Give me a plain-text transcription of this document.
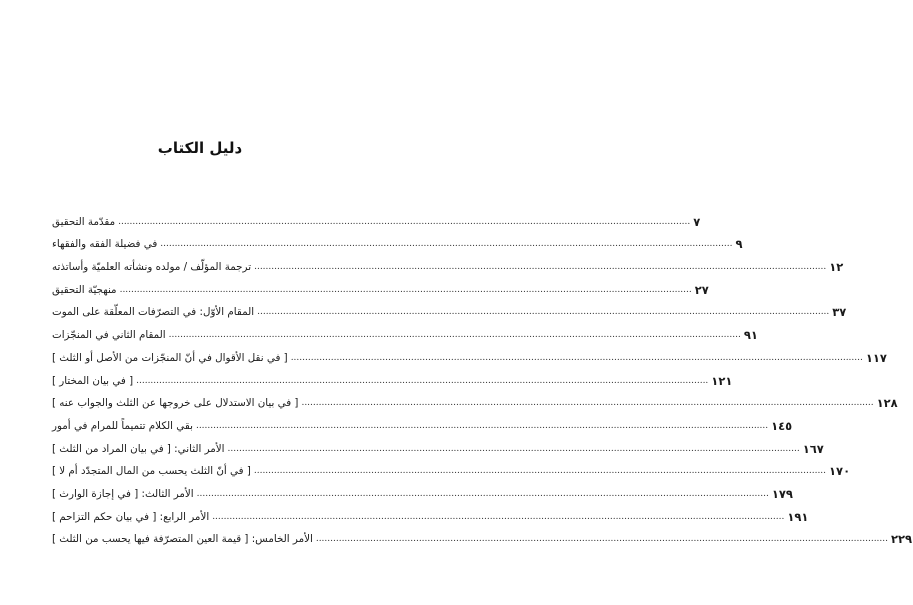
دليل الكتاب
مقدّمة التحقيق ........................................................................................................................................................................................................ ٧
في فضيلة الفقه والفقهاء ........................................................................................................................................................................................................ ٩
ترجمة المؤلّف / مولده ونشأته العلميّة وأساتذته ........................................................................................................................................................................................................ ١٢
منهجيّة التحقيق ........................................................................................................................................................................................................ ٢٧
المقام الأوّل: في التصرّفات المعلّقة على الموت ........................................................................................................................................................................................................ ٣٧
المقام الثاني في المنجّزات ........................................................................................................................................................................................................ ٩١
[ في نقل الأقوال في أنّ المنجّزات من الأصل أو الثلث ] ........................................................................................................................................................................................................ ١١٧
[ في بيان المختار ] ........................................................................................................................................................................................................ ١٢١
[ في بيان الاستدلال على خروجها عن الثلث والجواب عنه ] ........................................................................................................................................................................................................ ١٢٨
بقي الكلام تتميماً للمرام في أمور ........................................................................................................................................................................................................ ١٤٥
الأمر الثاني: [ في بيان المراد من الثلث ] ........................................................................................................................................................................................................ ١٦٧
[ في أنّ الثلث يحسب من المال المتجدّد أم لا ] ........................................................................................................................................................................................................ ١٧٠
الأمر الثالث: [ في إجازة الوارث ] ........................................................................................................................................................................................................ ١٧٩
الأمر الرابع: [ في بيان حكم التزاحم ] ........................................................................................................................................................................................................ ١٩١
الأمر الخامس: [ قيمة العين المتصرّفة فيها يحسب من الثلث ] ........................................................................................................................................................................................................ ٢٢٩
